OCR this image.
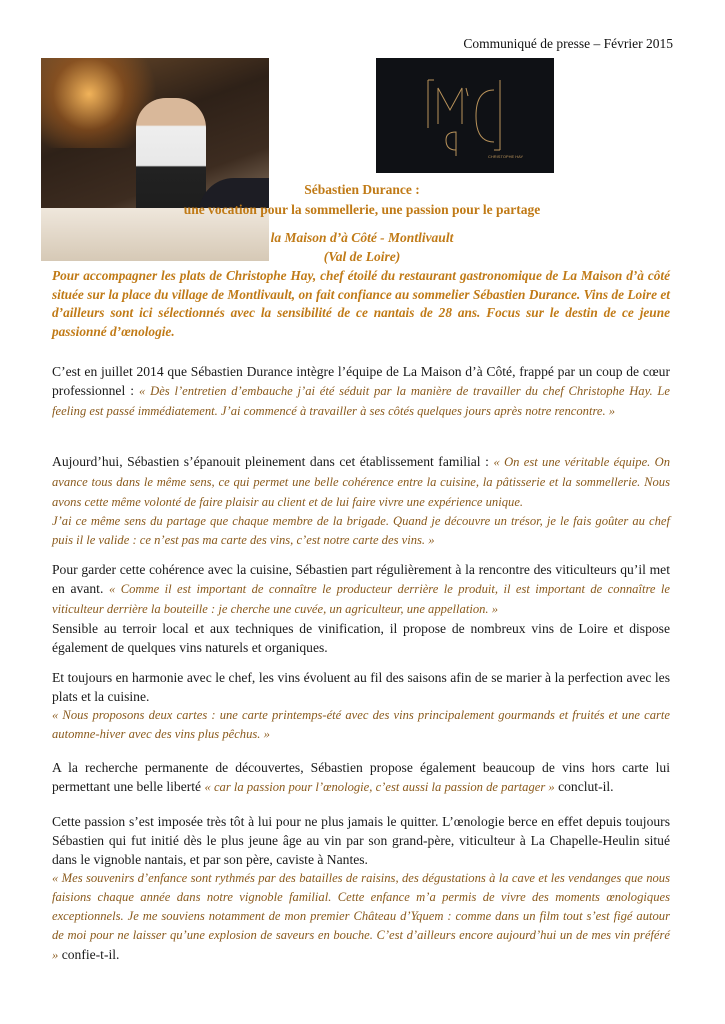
Communiqué de presse – Février 2015
CHRISTOPHE HAY
Sébastien Durance :
une vocation pour la sommellerie, une passion pour le partage
la Maison d’à Côté - Montlivault
(Val de Loire)
Pour accompagner les plats de Christophe Hay, chef étoilé du restaurant gastronomique de La Maison d’à côté située sur la place du village de Montlivault, on fait confiance au sommelier Sébastien Durance. Vins de Loire et d’ailleurs sont ici sélectionnés avec la sensibilité de ce nantais de 28 ans. Focus sur le destin de ce jeune passionné d’œnologie.
C’est en juillet 2014 que Sébastien Durance intègre l’équipe de La Maison d’à Côté, frappé par un coup de cœur professionnel : « Dès l’entretien d’embauche j’ai été séduit par la manière de travailler du chef Christophe Hay. Le feeling est passé immédiatement. J’ai commencé à travailler à ses côtés quelques jours après notre rencontre. »
Aujourd’hui, Sébastien s’épanouit pleinement dans cet établissement familial : « On est une véritable équipe. On avance tous dans le même sens, ce qui permet une belle cohérence entre la cuisine, la pâtisserie et la sommellerie. Nous avons cette même volonté de faire plaisir au client et de lui faire vivre une expérience unique.
J’ai ce même sens du partage que chaque membre de la brigade. Quand je découvre un trésor, je le fais goûter au chef puis il le valide : ce n’est pas ma carte des vins, c’est notre carte des vins. »
Pour garder cette cohérence avec la cuisine, Sébastien part régulièrement à la rencontre des viticulteurs qu’il met en avant. « Comme il est important de connaître le producteur derrière le produit, il est important de connaître le viticulteur derrière la bouteille : je cherche une cuvée, un agriculteur, une appellation. »
Sensible au terroir local et aux techniques de vinification, il propose de nombreux vins de Loire et dispose également de quelques vins naturels et organiques.
Et toujours en harmonie avec le chef, les vins évoluent au fil des saisons afin de se marier à la perfection avec les plats et la cuisine.
« Nous proposons deux cartes : une carte printemps-été avec des vins principalement gourmands et fruités et une carte automne-hiver avec des vins plus pêchus. »
A la recherche permanente de découvertes, Sébastien propose également beaucoup de vins hors carte lui permettant une belle liberté « car la passion pour l’œnologie, c’est aussi la passion de partager » conclut-il.
Cette passion s’est imposée très tôt à lui pour ne plus jamais le quitter. L’œnologie berce en effet depuis toujours Sébastien qui fut initié dès le plus jeune âge au vin par son grand-père, viticulteur à La Chapelle-Heulin situé dans le vignoble nantais, et par son père, caviste à Nantes.
« Mes souvenirs d’enfance sont rythmés par des batailles de raisins, des dégustations à la cave et les vendanges que nous faisions chaque année dans notre vignoble familial. Cette enfance m’a permis de vivre des moments œnologiques exceptionnels. Je me souviens notamment de mon premier Château d’Yquem : comme dans un film tout s’est figé autour de moi pour ne laisser qu’une explosion de saveurs en bouche. C’est d’ailleurs encore aujourd’hui un de mes vin préféré » confie-t-il.
